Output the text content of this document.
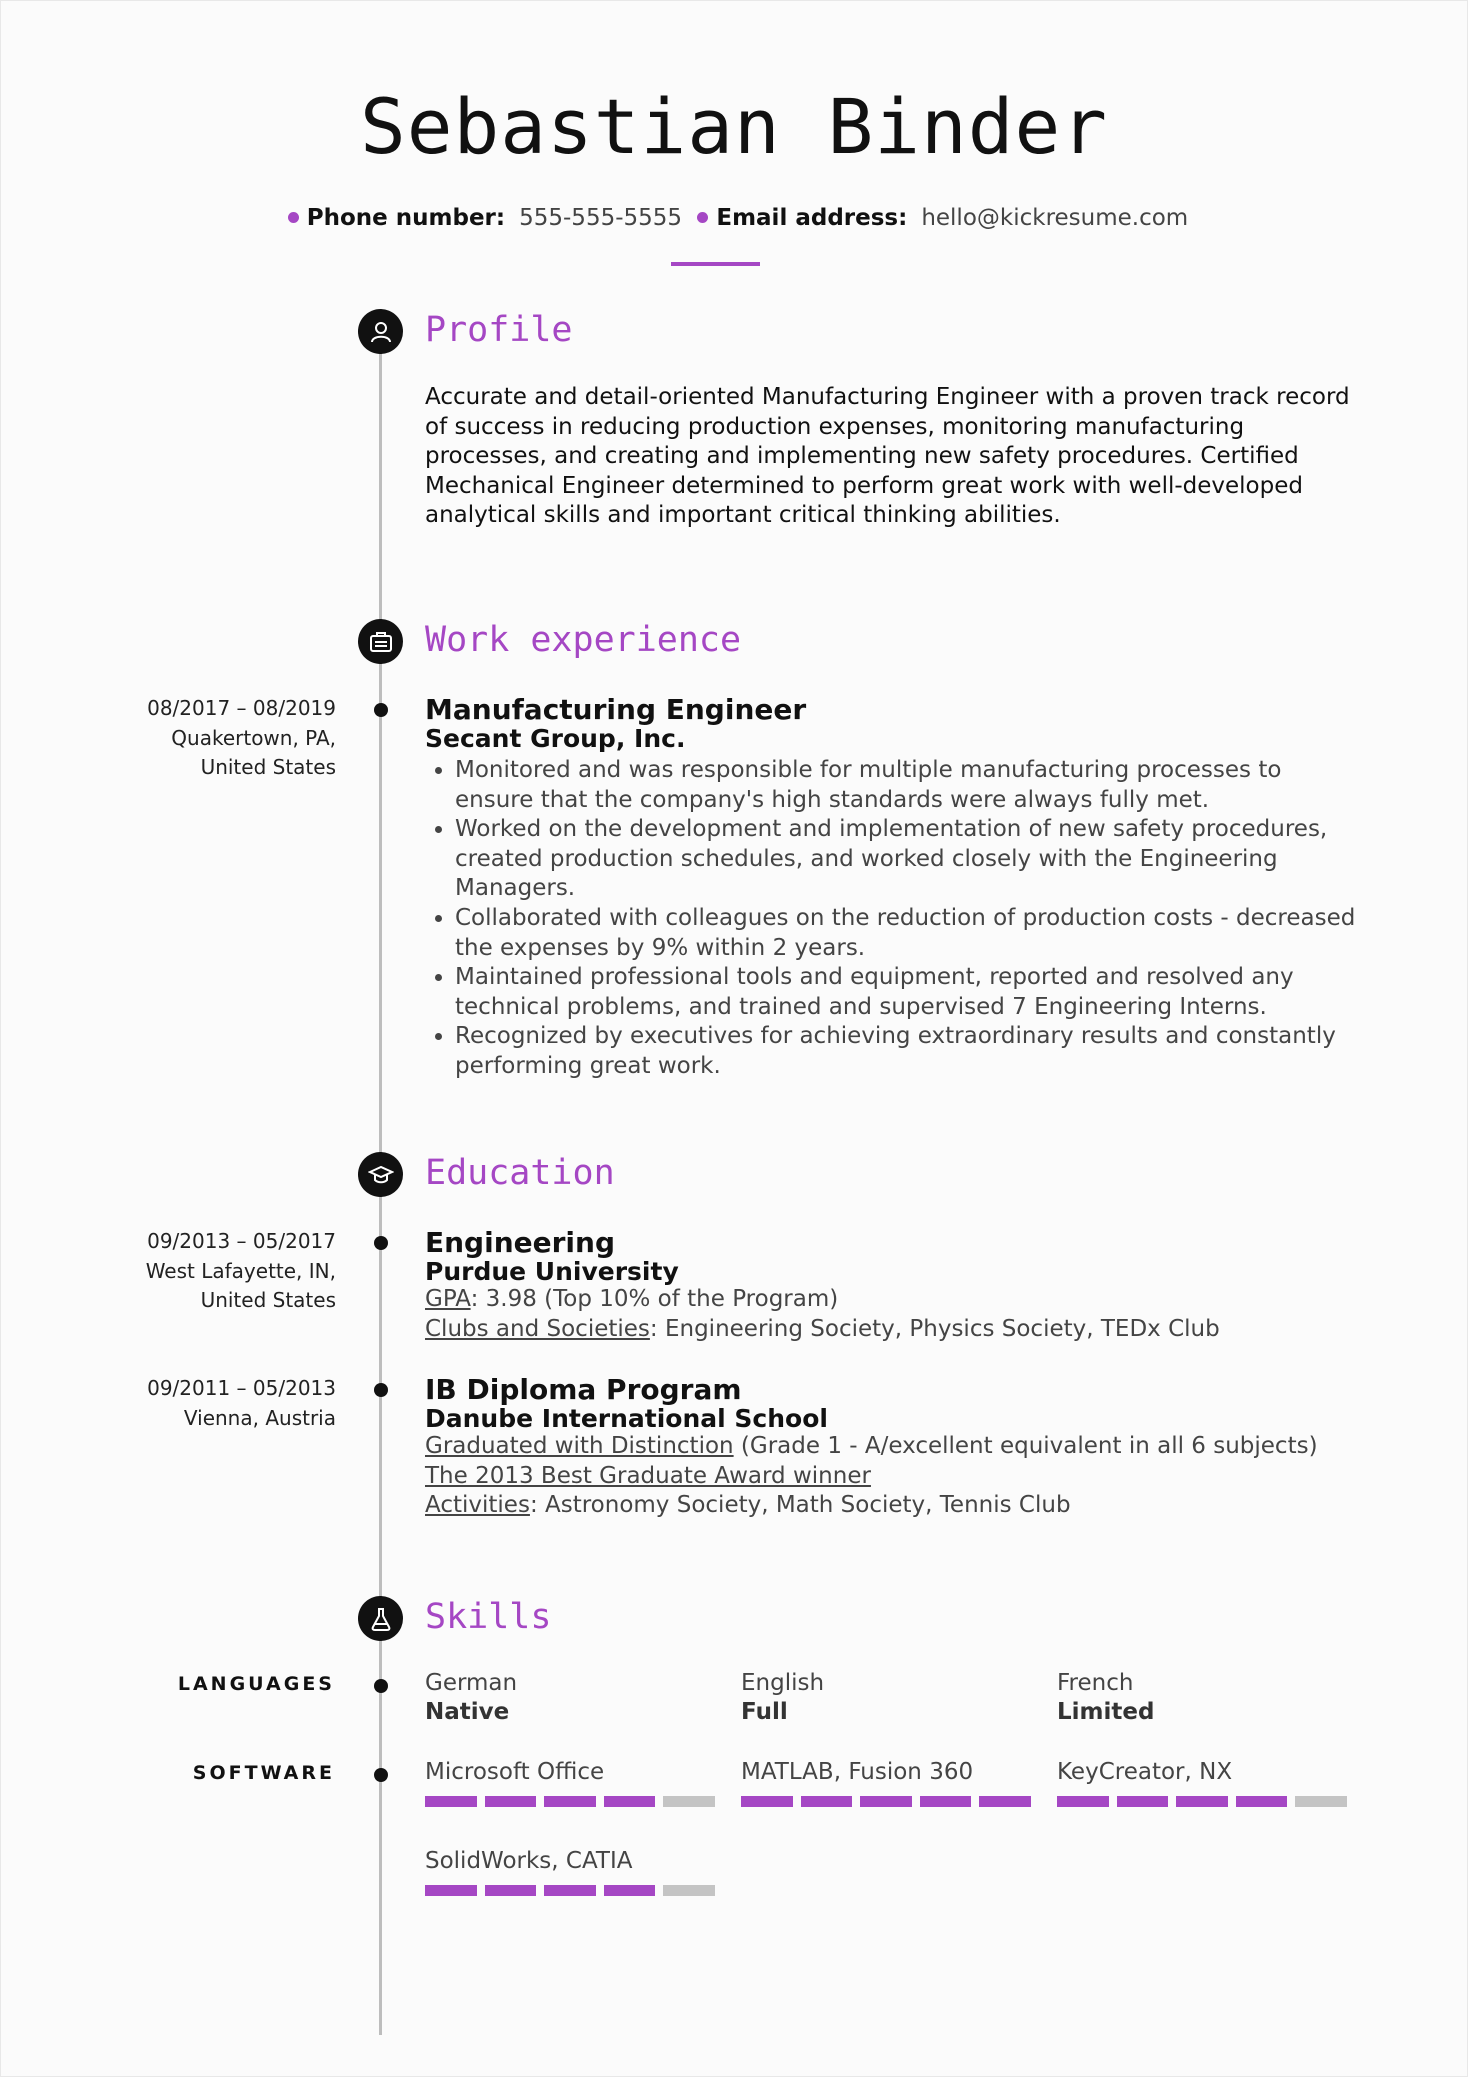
Sebastian Binder
Phone number: 555-555-5555 Email address: hello@kickresume.com
Profile
Accurate and detail-oriented Manufacturing Engineer with a proven track record of success in reducing production expenses, monitoring manufacturing processes, and creating and implementing new safety procedures. Certified Mechanical Engineer determined to perform great work with well-developed analytical skills and important critical thinking abilities.
Work experience
08/2017 – 08/2019
Quakertown, PA,
United States
Manufacturing Engineer
Secant Group, Inc.
• Monitored and was responsible for multiple manufacturing processes to ensure that the company's high standards were always fully met.
• Worked on the development and implementation of new safety procedures, created production schedules, and worked closely with the Engineering Managers.
• Collaborated with colleagues on the reduction of production costs - decreased the expenses by 9% within 2 years.
• Maintained professional tools and equipment, reported and resolved any technical problems, and trained and supervised 7 Engineering Interns.
• Recognized by executives for achieving extraordinary results and constantly performing great work.
Education
09/2013 – 05/2017
West Lafayette, IN,
United States
Engineering
Purdue University
GPA: 3.98 (Top 10% of the Program)
Clubs and Societies: Engineering Society, Physics Society, TEDx Club
09/2011 – 05/2013
Vienna, Austria
IB Diploma Program
Danube International School
Graduated with Distinction (Grade 1 - A/excellent equivalent in all 6 subjects)
The 2013 Best Graduate Award winner
Activities: Astronomy Society, Math Society, Tennis Club
Skills
LANGUAGES	German
Native
English
Full
French
Limited
SOFTWARE	Microsoft Office	MATLAB, Fusion 360	KeyCreator, NX
SolidWorks, CATIA
